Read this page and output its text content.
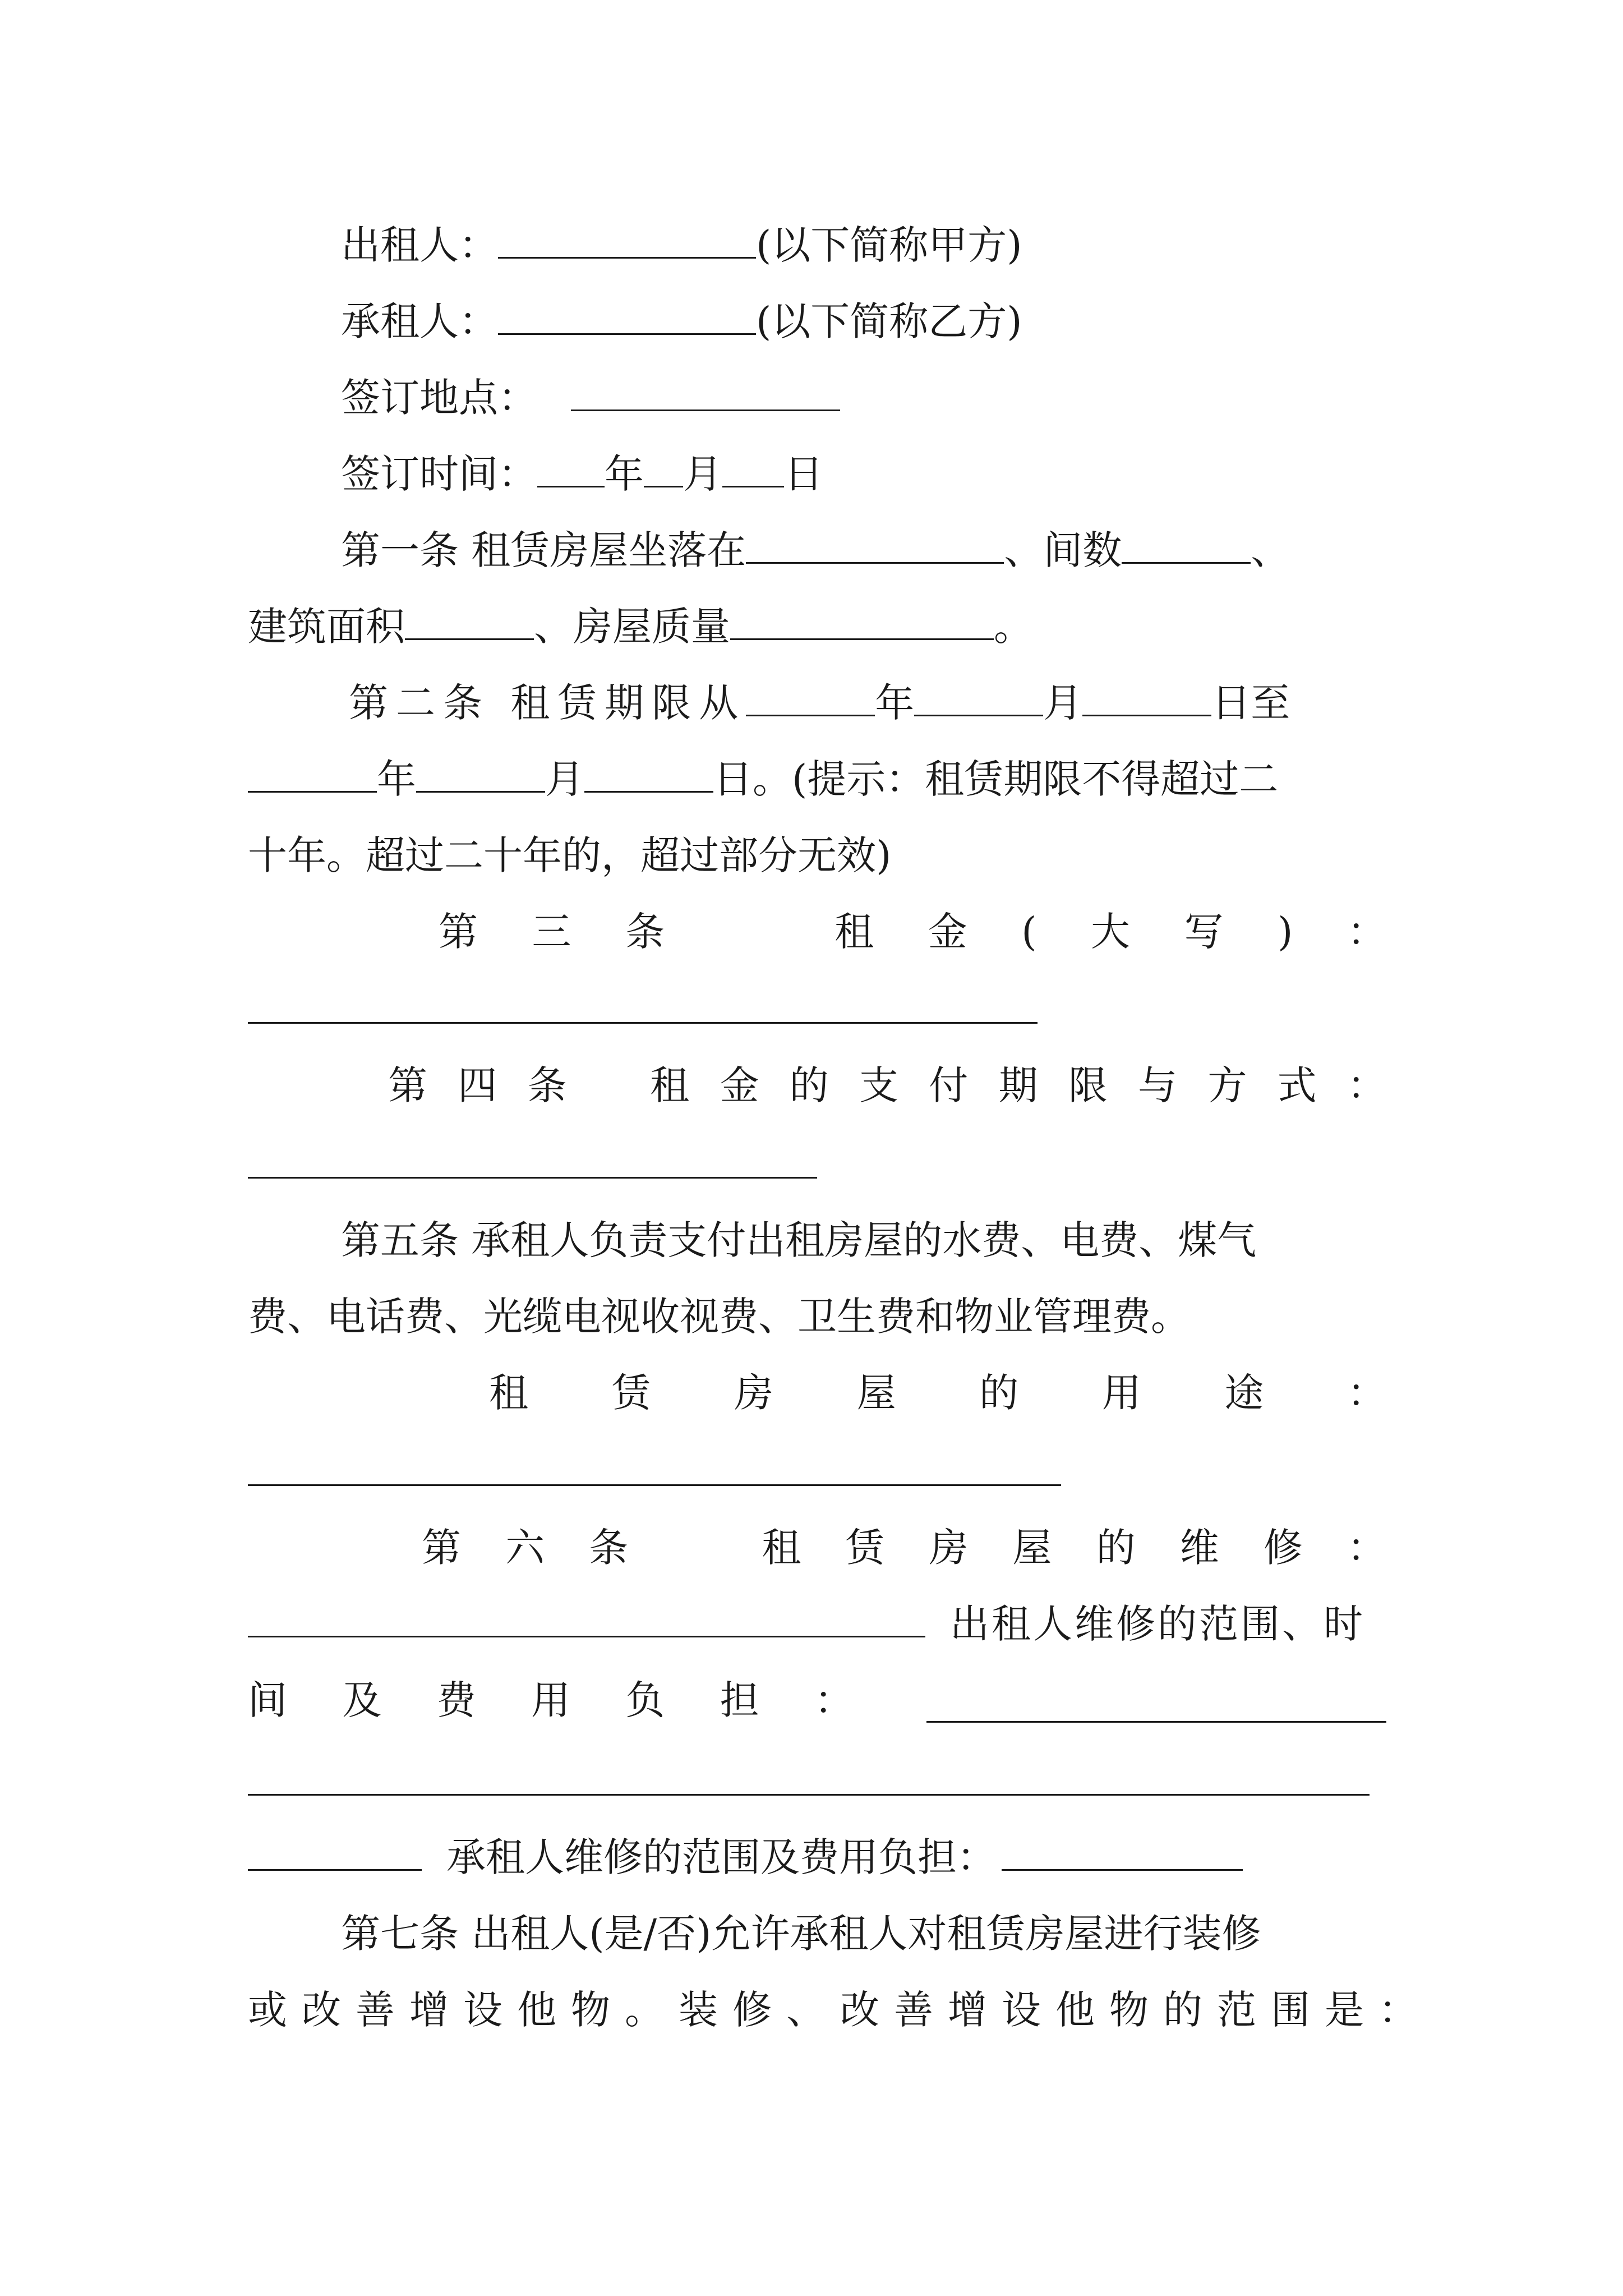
出租人：	(以下简称甲方)
承租人：	(以下简称乙方)
签订地点：
签订时间： 年 月 日
第一条 租赁房屋坐落在	、间数	、
建筑面积	、房屋质量	。
第二条 租赁期限从	年	月	日至
年	月	日。(提示：租赁期限不得超过二
十年。超过二十年的，超过部分无效)
第 三 条	租 金 ( 大 写 ) ：
第 四 条 租 金 的 支 付 期 限 与 方 式 ：
第五条 承租人负责支付出租房屋的水费、电费、煤气
费、电话费、光缆电视收视费、卫生费和物业管理费。
租 赁 房 屋 的 用 途 ：
第 六 条	租 赁 房 屋 的 维 修 ：
出租人维修的范围、时
间 及 费 用 负 担 ：
承租人维修的范围及费用负担：
第七条 出租人(是/否)允许承租人对租赁房屋进行装修
或改善增设他物。装修、改善增设他物的范围是：
